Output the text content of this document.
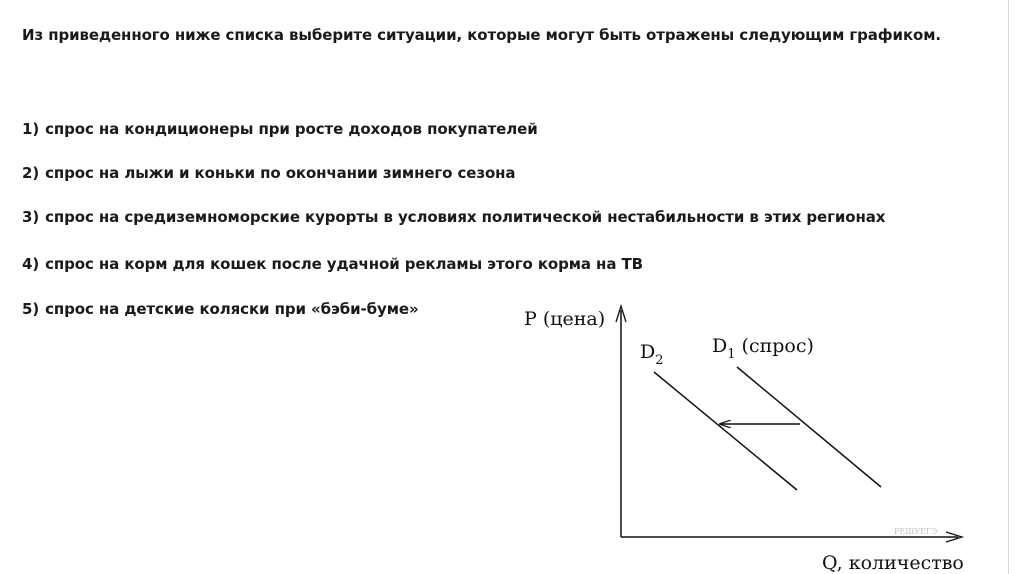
Из приведенного ниже списка выберите ситуации, которые могут быть отражены следующим графиком.
1) спрос на кондиционеры при росте доходов покупателей
2) спрос на лыжи и коньки по окончании зимнего сезона
3) спрос на средиземноморские курорты в условиях политической нестабильности в этих регионах
4) спрос на корм для кошек после удачной рекламы этого корма на ТВ
5) спрос на детские коляски при «бэби-буме»	P (цена)
РЕШУЕГЭ
Q, количество
$D_2$
$D_1$ (спрос)
